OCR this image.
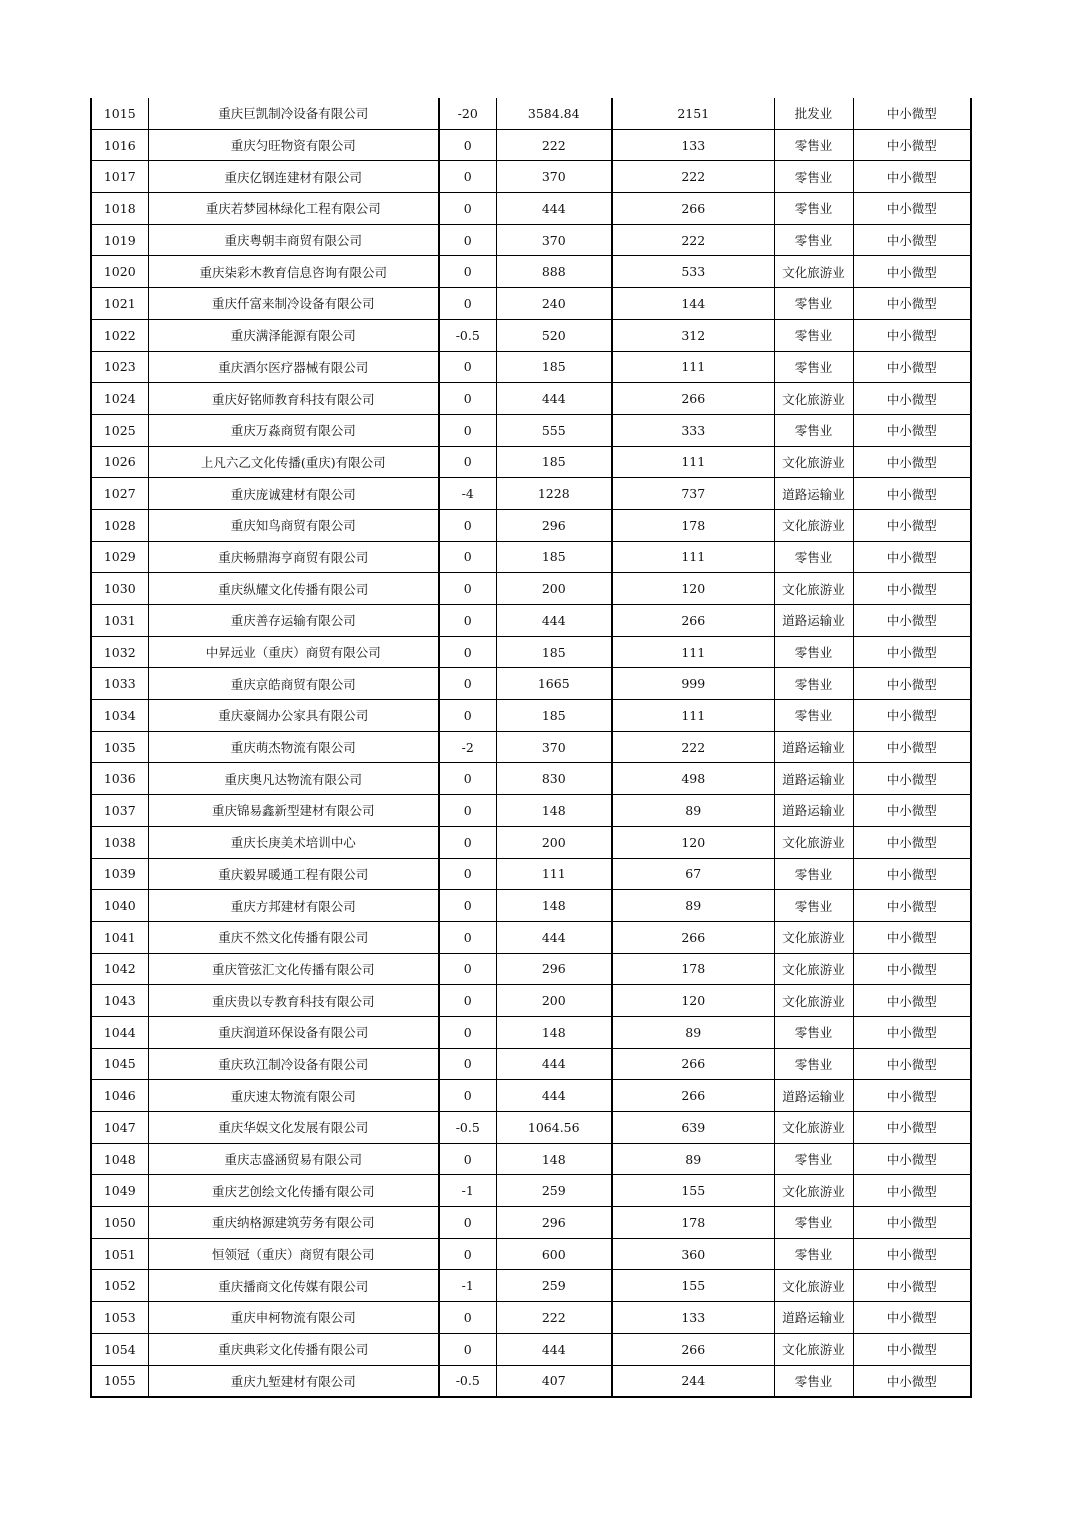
1015	重庆巨凯制冷设备有限公司	-20	3584.84	2151	批发业	中小微型
1016	重庆匀旺物资有限公司	0	222	133	零售业	中小微型
1017	重庆亿钢连建材有限公司	0	370	222	零售业	中小微型
1018	重庆若梦园林绿化工程有限公司	0	444	266	零售业	中小微型
1019	重庆粤朝丰商贸有限公司	0	370	222	零售业	中小微型
1020	重庆柒彩木教育信息咨询有限公司	0	888	533	文化旅游业	中小微型
1021	重庆仟富来制冷设备有限公司	0	240	144	零售业	中小微型
1022	重庆满泽能源有限公司	-0.5	520	312	零售业	中小微型
1023	重庆酒尔医疗器械有限公司	0	185	111	零售业	中小微型
1024	重庆好铭师教育科技有限公司	0	444	266	文化旅游业	中小微型
1025	重庆万淼商贸有限公司	0	555	333	零售业	中小微型
1026	上凡六乙文化传播(重庆)有限公司	0	185	111	文化旅游业	中小微型
1027	重庆庞诚建材有限公司	-4	1228	737	道路运输业	中小微型
1028	重庆知鸟商贸有限公司	0	296	178	文化旅游业	中小微型
1029	重庆畅鼎海亨商贸有限公司	0	185	111	零售业	中小微型
1030	重庆纵耀文化传播有限公司	0	200	120	文化旅游业	中小微型
1031	重庆善存运输有限公司	0	444	266	道路运输业	中小微型
1032	中昇远业（重庆）商贸有限公司	0	185	111	零售业	中小微型
1033	重庆京皓商贸有限公司	0	1665	999	零售业	中小微型
1034	重庆豪阔办公家具有限公司	0	185	111	零售业	中小微型
1035	重庆萌杰物流有限公司	-2	370	222	道路运输业	中小微型
1036	重庆奥凡达物流有限公司	0	830	498	道路运输业	中小微型
1037	重庆锦易鑫新型建材有限公司	0	148	89	道路运输业	中小微型
1038	重庆长庚美术培训中心	0	200	120	文化旅游业	中小微型
1039	重庆毅昇暖通工程有限公司	0	111	67	零售业	中小微型
1040	重庆方邦建材有限公司	0	148	89	零售业	中小微型
1041	重庆不然文化传播有限公司	0	444	266	文化旅游业	中小微型
1042	重庆管弦汇文化传播有限公司	0	296	178	文化旅游业	中小微型
1043	重庆贵以专教育科技有限公司	0	200	120	文化旅游业	中小微型
1044	重庆润道环保设备有限公司	0	148	89	零售业	中小微型
1045	重庆玖江制冷设备有限公司	0	444	266	零售业	中小微型
1046	重庆速太物流有限公司	0	444	266	道路运输业	中小微型
1047	重庆华娱文化发展有限公司	-0.5	1064.56	639	文化旅游业	中小微型
1048	重庆志盛涵贸易有限公司	0	148	89	零售业	中小微型
1049	重庆艺创绘文化传播有限公司	-1	259	155	文化旅游业	中小微型
1050	重庆纳格源建筑劳务有限公司	0	296	178	零售业	中小微型
1051	恒领冠（重庆）商贸有限公司	0	600	360	零售业	中小微型
1052	重庆播商文化传媒有限公司	-1	259	155	文化旅游业	中小微型
1053	重庆申柯物流有限公司	0	222	133	道路运输业	中小微型
1054	重庆典彩文化传播有限公司	0	444	266	文化旅游业	中小微型
1055	重庆九堑建材有限公司	-0.5	407	244	零售业	中小微型
